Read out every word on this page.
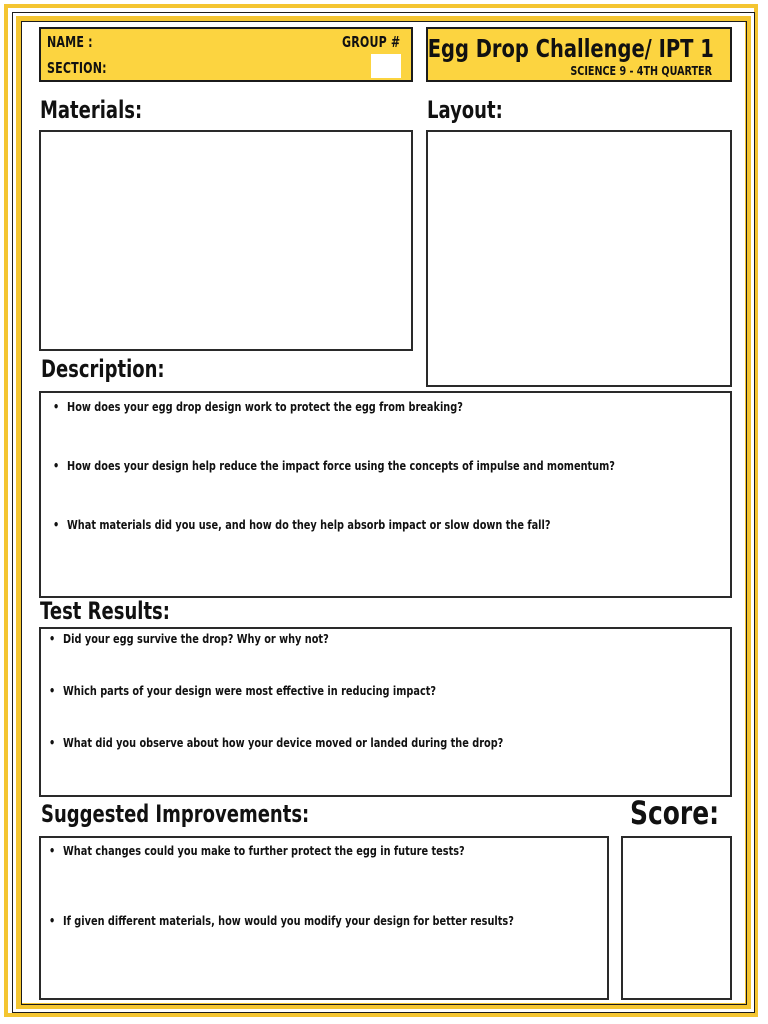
NAME :	GROUP #
SECTION:
Egg Drop Challenge/ IPT 1
SCIENCE 9 - 4TH QUARTER
Materials:	Layout:
Description:
• How does your egg drop design work to protect the egg from breaking?
• How does your design help reduce the impact force using the concepts of impulse and momentum?
• What materials did you use, and how do they help absorb impact or slow down the fall?
Test Results:
• Did your egg survive the drop? Why or why not?
• Which parts of your design were most effective in reducing impact?
• What did you observe about how your device moved or landed during the drop?
Suggested Improvements:
• What changes could you make to further protect the egg in future tests?
• If given different materials, how would you modify your design for better results?
Score:
